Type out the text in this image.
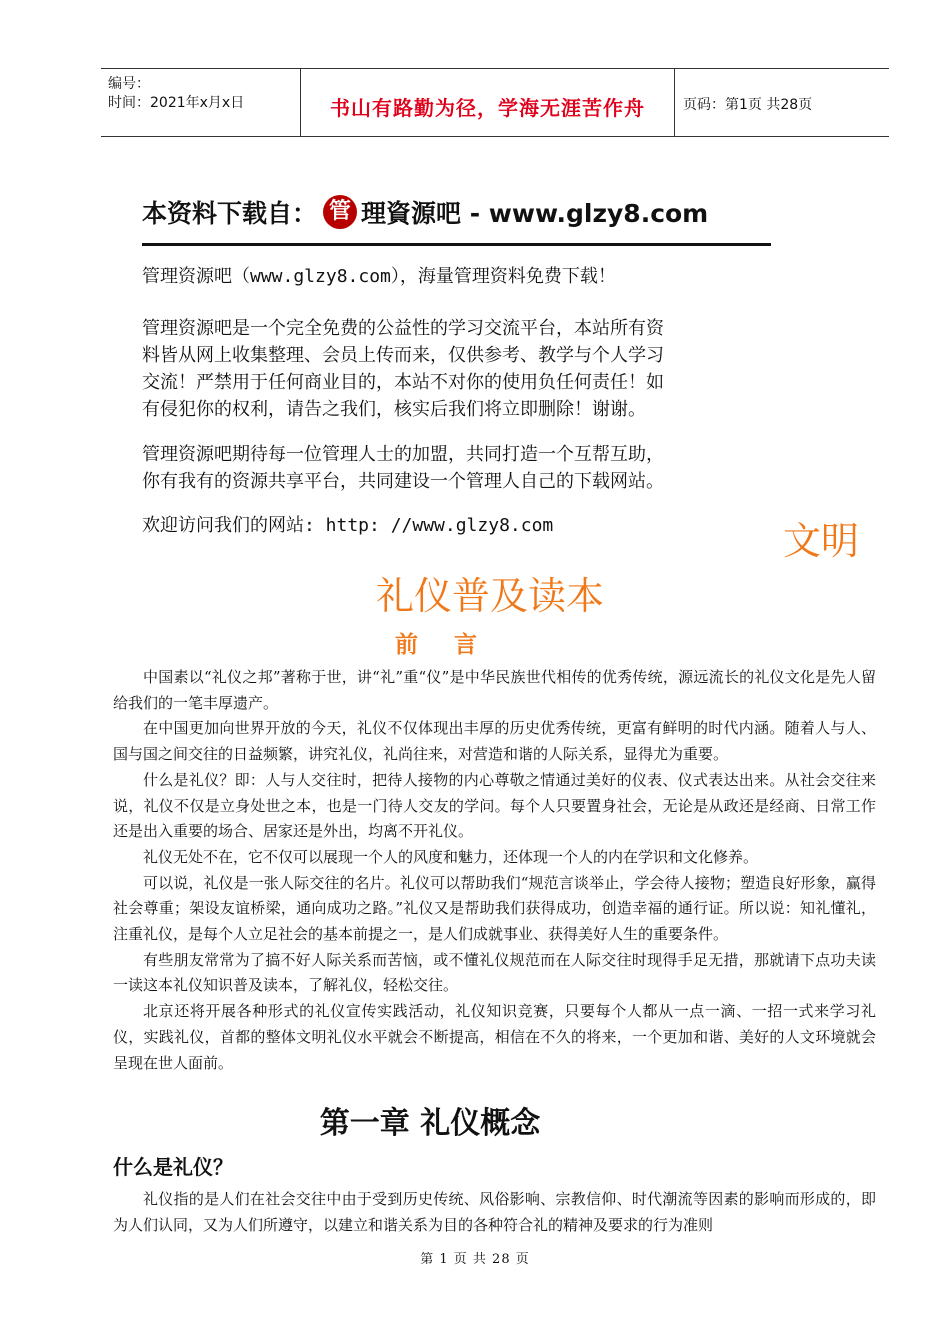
编号：
时间：2021年x月x日	书山有路勤为径，学海无涯苦作舟	页码：第1页 共28页
本资料下载自： 管 理資源吧 - www.glzy8.com
管理资源吧（www.glzy8.com），海量管理资料免费下载！
管理资源吧是一个完全免费的公益性的学习交流平台，本站所有资
料皆从网上收集整理、会员上传而来，仅供参考、教学与个人学习
交流！严禁用于任何商业目的，本站不对你的使用负任何责任！如
有侵犯你的权利，请告之我们，核实后我们将立即删除！谢谢。
管理资源吧期待每一位管理人士的加盟，共同打造一个互帮互助，
你有我有的资源共享平台，共同建设一个管理人自己的下载网站。
欢迎访问我们的网站: http: //www.glzy8.com	文明
礼仪普及读本
前言

中国素以“礼仪之邦”著称于世，讲“礼”重“仪”是中华民族世代相传的优秀传统，源远流长的礼仪文化是先人留给我们的一笔丰厚遗产。

在中国更加向世界开放的今天，礼仪不仅体现出丰厚的历史优秀传统，更富有鲜明的时代内涵。随着人与人、国与国之间交往的日益频繁，讲究礼仪，礼尚往来，对营造和谐的人际关系，显得尤为重要。

什么是礼仪？即：人与人交往时，把待人接物的内心尊敬之情通过美好的仪表、仪式表达出来。从社会交往来说，礼仪不仅是立身处世之本，也是一门待人交友的学问。每个人只要置身社会，无论是从政还是经商、日常工作还是出入重要的场合、居家还是外出，均离不开礼仪。

礼仪无处不在，它不仅可以展现一个人的风度和魅力，还体现一个人的内在学识和文化修养。

可以说，礼仪是一张人际交往的名片。礼仪可以帮助我们“规范言谈举止，学会待人接物；塑造良好形象，赢得社会尊重；架设友谊桥梁，通向成功之路。”礼仪又是帮助我们获得成功，创造幸福的通行证。所以说：知礼懂礼，注重礼仪，是每个人立足社会的基本前提之一，是人们成就事业、获得美好人生的重要条件。

有些朋友常常为了搞不好人际关系而苦恼，或不懂礼仪规范而在人际交往时现得手足无措，那就请下点功夫读一读这本礼仪知识普及读本，了解礼仪，轻松交往。

北京还将开展各种形式的礼仪宣传实践活动，礼仪知识竞赛，只要每个人都从一点一滴、一招一式来学习礼仪，实践礼仪，首都的整体文明礼仪水平就会不断提高，相信在不久的将来，一个更加和谐、美好的人文环境就会呈现在世人面前。

第一章 礼仪概念
什么是礼仪？

礼仪指的是人们在社会交往中由于受到历史传统、风俗影响、宗教信仰、时代潮流等因素的影响而形成的，即为人们认同，又为人们所遵守，以建立和谐关系为目的各种符合礼的精神及要求的行为准则

第 1 页 共 28 页
